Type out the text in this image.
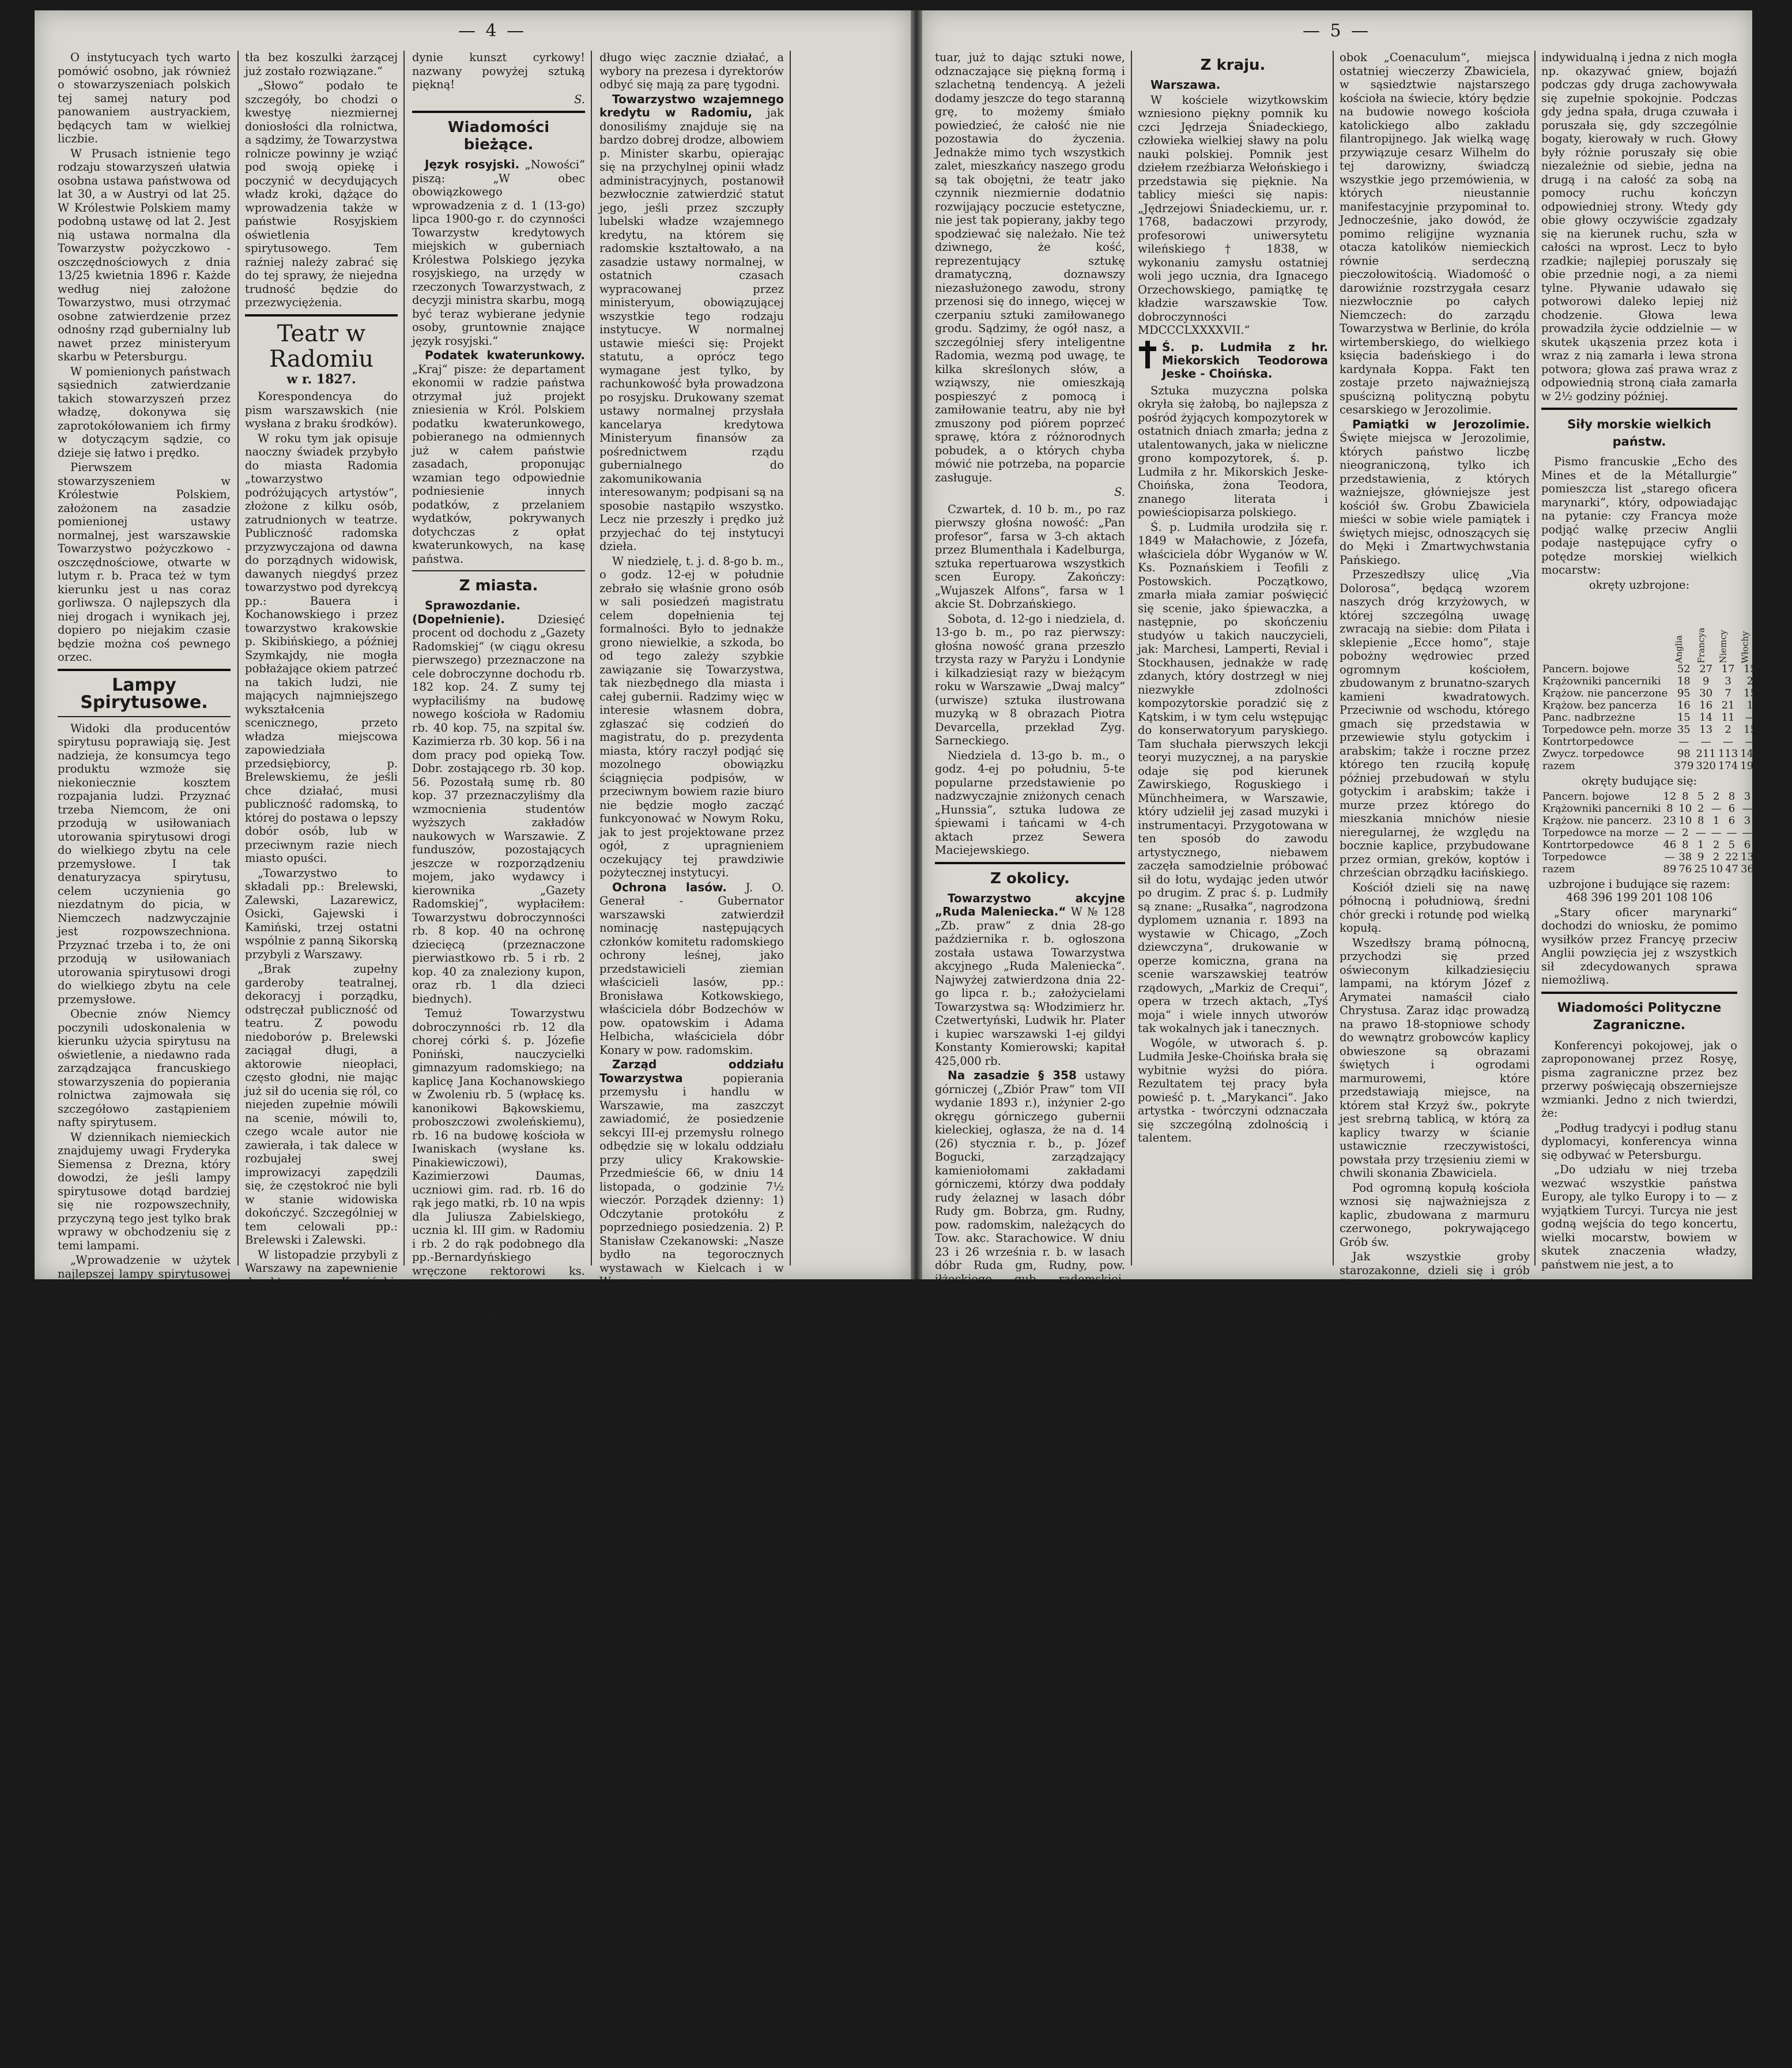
— 4 —

O instytucyach tych warto pomówić osobno, jak również o stowarzyszeniach polskich tej samej natury pod panowaniem austryackiem, będących tam w wielkiej liczbie.

W Prusach istnienie tego rodzaju stowarzyszeń ułatwia osobna ustawa państwowa od lat 30, a w Austryi od lat 25. W Królestwie Polskiem mamy podobną ustawę od lat 2. Jest nią ustawa normalna dla Towarzystw pożyczkowo - oszczędnościowych z dnia 13/25 kwietnia 1896 r. Każde według niej założone Towarzystwo, musi otrzymać osobne zatwierdzenie przez odnośny rząd gubernialny lub nawet przez ministeryum skarbu w Petersburgu.

W pomienionych państwach sąsiednich zatwierdzanie takich stowarzyszeń przez władzę, dokonywa się zaprotokółowaniem ich firmy w dotyczącym sądzie, co dzieje się łatwo i prędko.

Pierwszem stowarzyszeniem w Królestwie Polskiem, założonem na zasadzie pomienionej ustawy normalnej, jest warszawskie Towarzystwo pożyczkowo - oszczędnościowe, otwarte w lutym r. b. Praca też w tym kierunku jest u nas coraz gorliwsza. O najlepszych dla niej drogach i wynikach jej, dopiero po niejakim czasie będzie można coś pewnego orzec.

Lampy Spirytusowe.

Widoki dla producentów spirytusu poprawiają się. Jest nadzieja, że konsumcya tego produktu wzmoże się niekoniecznie kosztem rozpajania ludzi. Przyznać trzeba Niemcom, że oni przodują w usiłowaniach utorowania spirytusowi drogi do wielkiego zbytu na cele przemysłowe. I tak denaturyzacya spirytusu, celem uczynienia go niezdatnym do picia, w Niemczech nadzwyczajnie jest rozpowszechniona. Przyznać trzeba i to, że oni przodują w usiłowaniach utorowania spirytusowi drogi do wielkiego zbytu na cele przemysłowe.

Obecnie znów Niemcy poczynili udoskonalenia w kierunku użycia spirytusu na oświetlenie, a niedawno rada zarządzająca francuskiego stowarzyszenia do popierania rolnictwa zajmowała się szczegółowo zastąpieniem nafty spirytusem.

W dziennikach niemieckich znajdujemy uwagi Fryderyka Siemensa z Drezna, który dowodzi, że jeśli lampy spirytusowe dotąd bardziej się nie rozpowszechniły, przyczyną tego jest tylko brak wprawy w obchodzeniu się z temi lampami.

„Wprowadzenie w użytek najlepszej lampy spirytusowej — tak pisze Siemens — jak tego uczy doświadczenie, tylko powoli może postępować, bo człowiek przyzwyczaja się do tego co ma i z uprzedzeniem patrzy na inowacye. Dlatego to nie spostrzegą się zbyt prędko korzyści z nowej lampy, jakie daje lampa spirytusowa, a zapomina się o niedogodnościach i nieprzyjemnościach lampy naftowej.

Spółka komandytowa Hempel i S-ka, zajmująca się specyalnie wprowadzeniem lamp spirytusowych systemu Hempla, w liście do berlińskiej „National Ztg.“ który dziennik ten drukuje w artykule, poświęconym oświetleniu spirytusem, powiada: „Lampy te bez kosztu żarzącej siatki pięknie, jasne światło i tem łatwiej zastąpią nasze lampy naftowe.“

tła bez koszulki żarzącej już zostało rozwiązane.“

„Słowo“ podało te szczegóły, bo chodzi o kwestyę niezmiernej doniosłości dla rolnictwa, a sądzimy, że Towarzystwa rolnicze powinny je wziąć pod swoją opiekę i poczynić w decydujących władz kroki, dążące do wprowadzenia także w państwie Rosyjskiem oświetlenia spirytusowego. Tem raźniej należy zabrać się do tej sprawy, że niejedna trudność będzie do przezwyciężenia.

Teatr w Radomiu
w r. 1827.

Korespondencya do pism warszawskich (nie wysłana z braku środków).

W roku tym jak opisuje naoczny świadek przybyło do miasta Radomia „towarzystwo podróżujących artystów“, złożone z kilku osób, zatrudnionych w teatrze. Publiczność radomska przyzwyczajona od dawna do porządnych widowisk, dawanych niegdyś przez towarzystwo pod dyrekcyą pp.: Bauera i Kochanowskiego i przez towarzystwo krakowskie p. Skibińskiego, a później Szymkajdy, nie mogła pobłażające okiem patrzeć na takich ludzi, nie mających najmniejszego wykształcenia scenicznego, przeto władza miejscowa zapowiedziała przedsiębiorcy, p. Brelewskiemu, że jeśli chce działać, musi publiczność radomską, to której do postawa o lepszy dobór osób, lub w przeciwnym razie niech miasto opuści.

„Towarzystwo to składali pp.: Brelewski, Zalewski, Lazarewicz, Osicki, Gajewski i Kamiński, trzej ostatni wspólnie z panną Sikorską przybyli z Warszawy.

„Brak zupełny garderoby teatralnej, dekoracyj i porządku, odstręczał publiczność od teatru. Z powodu niedoborów p. Brelewski zaciągał długi, a aktorowie nieopłaci, często głodni, nie mając już sił do ucenia się ról, co niejeden zupełnie mówili na scenie, mówili to, czego wcale autor nie zawierała, i tak dalece w rozbujałej swej improwizacyi zapędzili się, że częstokroć nie byli w stanie widowiska dokończyć. Szczególniej w tem celowali pp.: Brelewski i Zalewski.

W listopadzie przybyli z Warszawy na zapewnienie dyrektora pp.: Kamiński, Majewski i Gilewski (ci ostatni dwaj, ze zniesionej szkoły dramatycznej), ci pomimo swoich zdolności, nie mogli już wskrzesić zaniechanych widzów, zmusza przez swą przedsiębiorstwo korzyści, aby powrócili do Warszawy.

„W kilka dni po ich odjeździe p. Zobrowski, artysta dramatyczny, zawitał do Radomia; zapoznał się z publicznością, doprowadził do teatru nieco liczniejszą publiczność.

„W kilka tygodni choroba p. Brelewskiego była powodem, że towarzystwo jego pozbawione wszelkich sposobów do dalszego utrzymania się, rozwiązało się w marcu, a pozostała jego część udała się do Lublina.

„Zaniechaszcze sztuki, jakie grano w kompanii p. Brelewskiego były: Melodrama: „Las okropny, czyli Rozbójnicy Kalabryjscy“, dramy: „Rybacy“; „Pustelnik na wyspie Formentera“, „Uczciwy winowajca“ i t. d.

„Muszę przyznać, że Radom zawsze cieszył się tym Teatrem, nie w Warszawie wiem też wpływał do tego teatru, czyli jak się wyrazić szkołą ludzi, którzy potrafili się stać aktorami ludu, co było z tego, jak się tak mówić pod dobrą zaletą.

Tenże bieżący korespondent listu do „Gazety Warszawskiej“ w r. 1828, który nigdy nie zaniedbał mimo długo powodzenia w mieście, poprzejęcym jak się żal daje okazuje, jest.

dynie kunszt cyrkowy! nazwany powyżej sztuką piękną!

S.
Wiadomości bieżące.

Język rosyjski. „Nowości“ piszą: „W obec obowiązkowego wprowadzenia z d. 1 (13-go) lipca 1900-go r. do czynności Towarzystw kredytowych miejskich w guberniach Królestwa Polskiego języka rosyjskiego, na urzędy w rzeczonych Towarzystwach, z decyzji ministra skarbu, mogą być teraz wybierane jedynie osoby, gruntownie znające język rosyjski.“

Podatek kwaterunkowy. „Kraj“ pisze: że departament ekonomii w radzie państwa otrzymał już projekt zniesienia w Król. Polskiem podatku kwaterunkowego, pobieranego na odmiennych już w całem państwie zasadach, proponując wzamian tego odpowiednie podniesienie innych podatków, z przelaniem wydatków, pokrywanych dotychczas z opłat kwaterunkowych, na kasę państwa.

Z miasta.

Sprawozdanie. (Dopełnienie).	Dziesięć procent od dochodu z „Gazety Radomskiej“ (w ciągu okresu pierwszego) przeznaczone na cele dobroczynne dochodu rb. 182 kop. 24. Z sumy tej wypłaciliśmy na budowę nowego kościoła w Radomiu rb. 40 kop. 75, na szpital św. Kazimierza rb. 30 kop. 56 i na dom pracy pod opieką Tow. Dobr. zostającego rb. 30 kop. 56. Pozostałą sumę rb. 80 kop. 37 przeznaczyliśmy dla wzmocnienia studentów wyższych zakładów naukowych w Warszawie. Z funduszów, pozostających jeszcze w rozporządzeniu mojem, jako wydawcy i kierownika „Gazety Radomskiej“, wypłaciłem: Towarzystwu dobroczynności rb. 8 kop. 40 na ochronę dziecięcą (przeznaczone pierwiastkowo rb. 5 i rb. 2 kop. 40 za znaleziony kupon, oraz rb. 1 dla dzieci biednych).

Temuż Towarzystwu dobroczynności rb. 12 dla chorej córki ś. p. Józefie Poniński, nauczycielki gimnazyum radomskiego; na kaplicę Jana Kochanowskiego w Zwoleniu rb. 5 (wpłacę ks. kanonikowi Bąkowskiemu, proboszczowi zwoleńskiemu), rb. 16 na budowę kościoła w Iwaniskach (wysłane ks. Pinakiewiczowi), Kazimierzowi Daumas, uczniowi gim. rad. rb. 16 do rąk jego matki, rb. 10 na wpis dla Juliusza Zabielskiego, ucznia kl. III gim. w Radomiu i rb. 2 do rąk podobnego dla pp.-Bernardyńskiego wręczone rektorowi ks. Puławskiemu.

H. Wróblewski.

Ustąpienie. Dwa numera „Gazety Radomskiej“, a mianowicie: 86 i 87, są ostatniemi, jakie wydałem niżej podpisany. Następny numer wyjdzie już pod kierunkiem p. Wiktora Brześciańskiego. Opuszczając stanowisko, życzę serdecznie następcom moim powodzenia. Radomiowi i całej gubernii życzę pomyślności i rozwoju na każdem polu działania, życzę hartu ducha i tej wiary, że pracą może osiągnąć sprawą, którą mu potrzeba nie na dziś tylko, a na szczęśliwe jutro dla naszego kraju!

Henryk Hugo Wróblewski.

Towarzystwo kredytowe miasta Radomia. Do dziś zasiądąo pożyczki około 30 właścicieli domów, na sumę przepisaną przez prawo. Nowa instytucya nieza-

długo więc zacznie działać, a wybory na prezesa i dyrektorów odbyć się mają za parę tygodni.

Towarzystwo wzajemnego kredytu w Radomiu, jak donosiliśmy znajduje się na bardzo dobrej drodze, albowiem p. Minister skarbu, opierając się na przychylnej opinii władz administracyjnych, postanowił bezwłocznie zatwierdzić statut jego, jeśli przez szczupły lubelski władze wzajemnego kredytu, na którem się radomskie kształtowało, a na zasadzie ustawy normalnej, w ostatnich czasach wypracowanej przez ministeryum, obowiązującej wszystkie tego rodzaju instytucye. W normalnej ustawie mieści się: Projekt statutu, a oprócz tego wymagane jest tylko, by rachunkowość była prowadzona po rosyjsku. Drukowany szemat ustawy normalnej przysłała kancelarya kredytowa Ministeryum finansów za pośrednictwem rządu gubernialnego do zakomunikowania interesowanym; podpisani są na sposobie nastąpiło wszystko. Lecz nie przeszły i prędko już przyjechać do tej instytucyi dzieła.

W niedzielę, t. j. d. 8-go b. m., o godz. 12-ej w południe zebrało się właśnie grono osób w sali posiedzeń magistratu celem dopełnienia tej formalności. Było to jednakże grono niewielkie, a szkoda, bo od tego zależy szybkie zawiązanie się Towarzystwa, tak niezbędnego dla miasta i całej gubernii. Radzimy więc w interesie własnem dobra, zgłaszać się codzień do magistratu, do p. prezydenta miasta, który raczył podjąć się mozolnego obowiązku ściągnięcia podpisów, w przeciwnym bowiem razie biuro nie będzie mogło zacząć funkcyonować w Nowym Roku, jak to jest projektowane przez ogół, z upragnieniem oczekujący tej prawdziwie pożytecznej instytucyi.

Ochrona lasów. J. O. Generał - Gubernator warszawski zatwierdził nominację następujących członków komitetu radomskiego ochrony leśnej, jako przedstawicieli ziemian właścicieli lasów, pp.: Bronisława Kotkowskiego, właściciela dóbr Bodzechów w pow. opatowskim i Adama Helbicha, właściciela dóbr Konary w pow. radomskim.

Zarząd oddziału Towarzystwa	popierania przemysłu i handlu w Warszawie, ma zaszczyt zawiadomić, że posiedzenie sekcyi III-ej przemysłu rolnego odbędzie się w lokalu oddziału przy ulicy Krakowskie-Przedmieście 66, w dniu 14 listopada, o godzinie 7½ wieczór. Porządek dzienny: 1) Odczytanie protokółu z poprzedniego posiedzenia. 2) P. Stanisław Czekanowski: „Nasze bydło na tegorocznych wystawach w Kielcach i w Warszawie, w czem nas wymagali sąsiedni hodowli“. Część I. 3) P. Antoni Hempel: „W sprawie praktyk rolnych“. 4) P. Władysław Grabiński: „Brudnica Mniszka.“ 5) P. Józef Rozenewieng: „O nowym systemie sadzenia kartofli i uwagi ogólne, jak się sprawy w gospodarstwie gorzelnianem.“ 6) P. Stanisław Czekanowski: „Jeszcze kilka słów w sprawie walki z zarazą płucną i stacyi badawczej bydła w hodowlach.“ 7) Wnioski członków i sprawy bieżące.

Teatr polski. Ruchliwa dyrekcya teatralna dokłada wszelkich starań, aby zaspokoić gusta publiczności. Niestety pomimo te to zmieniając ciągle swój reper-

— 5 —

tuar, już to dając sztuki nowe, odznaczające się piękną formą i szlachetną tendencyą. A jeżeli dodamy jeszcze do tego staranną grę, to możemy śmiało powiedzieć, że całość nie nie pozostawia do życzenia. Jednakże mimo tych wszystkich zalet, mieszkańcy naszego grodu są tak obojętni, że teatr jako czynnik niezmiernie dodatnio rozwijający poczucie estetyczne, nie jest tak popierany, jakby tego spodziewać się należało. Nie też dziwnego, że kość, reprezentujący sztukę dramatyczną, doznawszy niezasłużonego zawodu, strony przenosi się do innego, więcej w czerpaniu sztuki zamiłowanego grodu. Sądzimy, że ogół nasz, a szczególniej sfery inteligentne Radomia, wezmą pod uwagę, te kilka skreślonych słów, a wziąwszy, nie omieszkają pospieszyć z pomocą i zamiłowanie teatru, aby nie był zmuszony pod piórem poprzeć sprawę, która z różnorodnych pobudek, a o których chyba mówić nie potrzeba, na poparcie zasługuje.

S.

Czwartek, d. 10 b. m., po raz pierwszy głośna nowość: „Pan profesor“, farsa w 3-ch aktach przez Blumenthala i Kadelburga, sztuka repertuarowa wszystkich scen Europy. Zakończy: „Wujaszek Alfons“, farsa w 1 akcie St. Dobrzańskiego.

Sobota, d. 12-go i niedziela, d. 13-go b. m., po raz pierwszy: głośna nowość grana przeszło trzysta razy w Paryżu i Londynie i kilkadziesiąt razy w bieżącym roku w Warszawie „Dwaj malcy“ (urwisze) sztuka ilustrowana muzyką w 8 obrazach Piotra Devarcella, przekład Zyg. Sarneckiego.

Niedziela d. 13-go b. m., o godz. 4-ej po południu, 5-te popularne przedstawienie po nadzwyczajnie zniżonych cenach „Hunssia“, sztuka ludowa ze śpiewami i tańcami w 4-ch aktach przez Sewera Maciejewskiego.

Z okolicy.

Towarzystwo akcyjne „Ruda Maleniecka.“ W № 128 „Zb. praw“ z dnia 28-go października r. b. ogłoszona została ustawa Towarzystwa akcyjnego „Ruda Maleniecka“. Najwyżej zatwierdzona dnia 22-go lipca r. b.; założycielami Towarzystwa są: Włodzimierz hr. Czetwertyński, Ludwik hr. Plater i kupiec warszawski 1-ej gildyi Konstanty Komierowski; kapitał 425,000 rb.

Na zasadzie § 358 ustawy górniczej („Zbiór Praw“ tom VII wydanie 1893 r.), inżynier 2-go okręgu górniczego gubernii kieleckiej, ogłasza, że na d. 14 (26) stycznia r. b., p. Józef Bogucki, zarządzający kamieniołomami zakładami górniczemi, którzy dwa poddały rudy żelaznej w lasach dóbr Rudy gm. Bobrza, gm. Rudny, pow. radomskim, należących do Tow. akc. Starachowice. W dniu 23 i 26 września r. b. w lasach dóbr Ruda gm, Rudny, pow. iłżeckiego, gub. radomskiej, równie do Tow. akc. Starachowice.

G. R.
Z kraju.

Warszawa.

W kościele wizytkowskim wzniesiono piękny pomnik ku czci Jędrzeja Śniadeckiego, człowieka wielkiej sławy na polu nauki polskiej. Pomnik jest dziełem rzeźbiarza Wełońskiego i przedstawia się pięknie. Na tablicy mieści się napis: „Jędrzejowi Śniadeckiemu, ur. r. 1768, badaczowi przyrody, profesorowi uniwersytetu wileńskiego † 1838, w wykonaniu zamysłu ostatniej woli jego ucznia, dra Ignacego Orzechowskiego, pamiątkę tę kładzie warszawskie Tow. dobroczynności MDCCCLXXXXVII.“

Ś. p. Ludmiła z hr. Miekorskich Teodorowa Jeske - Choińska.

Sztuka muzyczna polska okryła się żałobą, bo najlepsza z pośród żyjących kompozytorek w ostatnich dniach zmarła; jedna z utalentowanych, jaka w nieliczne grono kompozytorek, ś. p. Ludmiła z hr. Mikorskich Jeske-Choińska, żona Teodora, znanego literata i powieściopisarza polskiego.

Ś. p. Ludmiła urodziła się r. 1849 w Małachowie, z Józefa, właściciela dóbr Wyganów w W. Ks. Poznańskiem i Teofili z Postowskich. Początkowo, zmarła miała zamiar poświęcić się scenie, jako śpiewaczka, a następnie, po skończeniu studyów u takich nauczycieli, jak: Marchesi, Lamperti, Revial i Stockhausen, jednakże w radę zdanych, który dostrzegł w niej niezwykłe zdolności kompozytorskie poradzić się z Kątskim, i w tym celu wstępując do konserwatoryum paryskiego. Tam słuchała pierwszych lekcji teoryi muzycznej, a na paryskie odaje się pod kierunek Zawirskiego, Roguskiego i Münchheimera, w Warszawie, który udzielił jej zasad muzyki i instrumentacyi. Przygotowana w ten sposób do zawodu artystycznego, niebawem zaczęła samodzielnie próbować sił do łotu, wydając jeden utwór po drugim. Z prac ś. p. Ludmiły są znane: „Rusałka“, nagrodzona dyplomem uznania r. 1893 na wystawie w Chicago, „Zoch dziewczyna“, drukowanie w operze komiczna, grana na scenie warszawskiej teatrów rządowych, „Markiz de Crequi“, opera w trzech aktach, „Tyś moja“ i wiele innych utworów tak wokalnych jak i tanecznych.

Wogóle, w utworach ś. p. Ludmiła Jeske-Choińska brała się wybitnie wyżsi do pióra. Rezultatem tej pracy była powieść p. t. „Marykanci“. Jako artystka - twórczyni odznaczała się szczególną zdolnością i talentem.

obok „Coenaculum“, miejsca ostatniej wieczerzy Zbawiciela, w sąsiedztwie najstarszego kościoła na świecie, który będzie na budowie nowego kościoła katolickiego albo zakładu filantropijnego. Jak wielką wagę przywiązuje cesarz Wilhelm do tej darowizny, świadczą wszystkie jego przemówienia, w których nieustannie manifestacyjnie przypominał to. Jednocześnie, jako dowód, że pomimo religijne wyznania otacza katolików niemieckich równie serdeczną pieczołowitością. Wiadomość o darowiźnie rozstrzygała cesarz niezwłocznie po całych Niemczech: do zarządu Towarzystwa w Berlinie, do króla wirtemberskiego, do wielkiego księcia badeńskiego i do kardynała Koppa. Fakt ten zostaje przeto najważniejszą spuścizną polityczną pobytu cesarskiego w Jerozolimie.

Pamiątki w Jerozolimie. Święte miejsca w Jerozolimie, których państwo liczbę nieograniczoną, tylko ich przedstawienia, z których ważniejsze, główniejsze jest kościół św. Grobu Zbawiciela mieści w sobie wiele pamiątek i świętych miejsc, odnoszących się do Męki i Zmartwychwstania Pańskiego.

Przeszedłszy ulicę „Via Dolorosa“, będącą wzorem naszych dróg krzyżowych, w której szczególną uwagę zwracają na siebie: dom Piłata i sklepienie „Ecce homo“, staje pobożny wędrowiec przed ogromnym kościołem, zbudowanym z brunatno-szarych kamieni kwadratowych. Przeciwnie od wschodu, którego gmach się przedstawia w przewiewie stylu gotyckim i arabskim; także i roczne przez którego ten rzuciłą kopułę później przebudowań w stylu gotyckim i arabskim; także i murze przez którego do mieszkania mnichów niesie nieregularnej, że względu na bocznie kaplice, przybudowane przez ormian, greków, koptów i chrześcian obrządku łacińskiego.

Kościół dzieli się na nawę północną i południową, średni chór grecki i rotundę pod wielką kopułą.

Wszedłszy bramą północną, przychodzi się przed oświeconym kilkadziesięciu lampami, na którym Józef z Arymatei namaścił ciało Chrystusa. Zaraz idąc prowadzą na prawo 18-stopniowe schody do wewnątrz grobowców kaplicy obwieszone są obrazami świętych i ogrodami marmurowemi, które przedstawiają miejsce, na którem stał Krzyż św., pokryte jest srebrną tablicą, w którą za kaplicy twarzy w ścianie ustawicznie rzeczywistości, powstała przy trzęsieniu ziemi w chwili skonania Zbawiciela.

Pod ogromną kopułą kościoła wznosi się najważniejsza z kaplic, zbudowana z marmuru czerwonego, pokrywającego Grób św.

Jak wszystkie groby starozakonne, dzieli się i grób Zbawiciela na dwie części. Za tak zwaną kaplicą aniołów następuje właściwa, grobowa kaplica, marmurową płytą pokryte, którą św. Helena ustawiła, że oświetlona 43 srebrnemi lampami wotywnemi, ofiarowanemi przez wszystkie państwa chrześcijańskie, tworzy źródła na które spoczywały zwłoki Odkupiciela. Jest to w każdym ziemi i gdy drzwi kapłana, które się do tego grobu nie wpuszczają.

W około góry Golgoty wznoszą się na każdem z pozostałych grobowców, świątynie, jak kościół św. Helena, kaplica i inne, które wszystkie obchodzi pielgrzym w świętej procesyi. Na miejscu klasztoru jest w roku 327 przez cesarzową Helenę, po jej odnalezieniu Krzyża Świętego.

Żółw o dwu głowach. E. H. Barbour podaje w „Science“ ciekawe szczegóły o żółwiu z dwiema głowami, który przyszedł na świat w gatunku Chrysemis picta. Potwór ten posiadał dwie głowy, dwa prawdziwe ogony, pokarmowe, dwa przełyki; nadto posiadał dwa pyszczki i rozwinięte w swoich odcinkach, jak samodzielne istoty. Obie głowy pracowały zupełnie niezależnie, każdą z nich mogła się poruszać, żyć, które nieraz po przeciwnych stronach do innego.

indywidualną i jedna z nich mogła np. okazywać gniew, bojaźń podczas gdy druga zachowywała się zupełnie spokojnie. Podczas gdy jedna spała, druga czuwała i poruszała się, gdy szczególnie bogaty, kierowały w ruch. Głowy były różnie poruszały się obie niezależnie od siebie, jedna na drugą i na całość za sobą na pomocy ruchu kończyn odpowiedniej strony. Wtedy gdy obie głowy oczywiście zgadzały się na kierunek ruchu, szła w całości na wprost. Lecz to było rzadkie; najlepiej poruszały się obie przednie nogi, a za niemi tylne. Pływanie udawało się potworowi daleko lepiej niż chodzenie. Głowa lewa prowadziła życie oddzielnie — w skutek ukąszenia przez kota i wraz z nią zamarła i lewa strona potwora; głowa zaś prawa wraz z odpowiednią stroną ciała zamarła w 2½ godziny później.

Siły morskie wielkich państw.

Pismo francuskie „Echo des Mines et de la Métallurgie“ pomieszcza list „starego oficera marynarki“, który, odpowiadając na pytanie: czy Francya może podjąć walkę przeciw Anglii podaje następujące cyfry o potędze morskiej wielkich mocarstw:

okręty uzbrojone:
	Anglia	Francya	Niemcy	Włochy	Stan. Zjedn.	Japonia
Pancern. bojowe	52	27	17	15	5	3
Krążowniki pancerniki	18	9	3	2	3	—
Krążow. nie pancerzone	95	30	7	15	14	10
Krążow. bez pancerza	16	16	21	1	10	8
Panc. nadbrzeżne	15	14	11	—	20	3
Torpedowce pełn. morze	35	13	2	15	—	1
Kontrtorpedowce	—	—	—	—	—	—
Zwycz. torpedowce	98	211	113	143	8	44
razem	379	320	174	191	59	70
okręty budujące się:
Pancern. bojowe	12	8	5	2	8	3
Krążowniki pancerniki	8	10	2	—	6	—
Krążow. nie pancerz.	23	10	8	1	6	3
Torpedowce na morze	—	2	—	—	—	—
Kontrtorpedowce	46	8	1	2	5	6
Torpedowce	—	38	9	2	22	13
razem	89	76	25	10	47	36

uzbrojone i budujące się razem: 468 396 199 201 108 106

„Stary oficer marynarki“ dochodzi do wniosku, że pomimo wysiłków przez Francyę przeciw Anglii powzięcia jej z wszystkich sił zdecydowanych sprawa niemożliwą.

Wiadomości Polityczne Zagraniczne.

Konferencyi pokojowej, jak o zaproponowanej przez Rosyę, pisma zagraniczne przez bez przerwy poświęcają obszerniejsze wzmianki. Jedno z nich twierdzi, że:

„Podług tradycyi i podług stanu dyplomacyi, konferencya winna się odbywać w Petersburgu.

„Do udziału w niej trzeba wezwać wszystkie państwa Europy, ale tylko Europy i to — z wyjątkiem Turcyi. Turcya nie jest godną wejścia do tego koncertu, wielki mocarstw, bowiem w skutek znaczenia władzy, państwem nie jest, a to
